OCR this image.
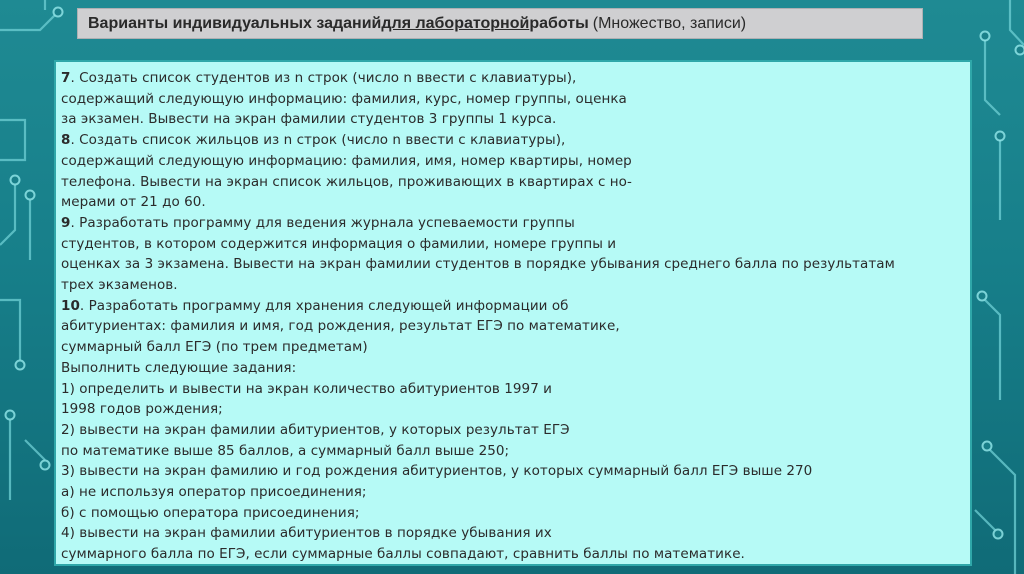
Варианты индивидуальных заданий для лабораторной работы (Множество, записи)
7. Создать список студентов из n строк (число n ввести с клавиатуры),
содержащий следующую информацию: фамилия, курс, номер группы, оценка
за экзамен. Вывести на экран фамилии студентов 3 группы 1 курса.
8. Создать список жильцов из n строк (число n ввести с клавиатуры),
содержащий следующую информацию: фамилия, имя, номер квартиры, номер
телефона. Вывести на экран список жильцов, проживающих в квартирах с но-
мерами от 21 до 60.
9. Разработать программу для ведения журнала успеваемости группы
студентов, в котором содержится информация о фамилии, номере группы и
оценках за 3 экзамена. Вывести на экран фамилии студентов в порядке убывания среднего балла по результатам
трех экзаменов.
10. Разработать программу для хранения следующей информации об
абитуриентах: фамилия и имя, год рождения, результат ЕГЭ по математике,
суммарный балл ЕГЭ (по трем предметам)
Выполнить следующие задания:
1) определить и вывести на экран количество абитуриентов 1997 и
1998 годов рождения;
2) вывести на экран фамилии абитуриентов, у которых результат ЕГЭ
по математике выше 85 баллов, а суммарный балл выше 250;
3) вывести на экран фамилию и год рождения абитуриентов, у которых суммарный балл ЕГЭ выше 270
а) не используя оператор присоединения;
б) с помощью оператора присоединения;
4) вывести на экран фамилии абитуриентов в порядке убывания их
суммарного балла по ЕГЭ, если суммарные баллы совпадают, сравнить баллы по математике.
